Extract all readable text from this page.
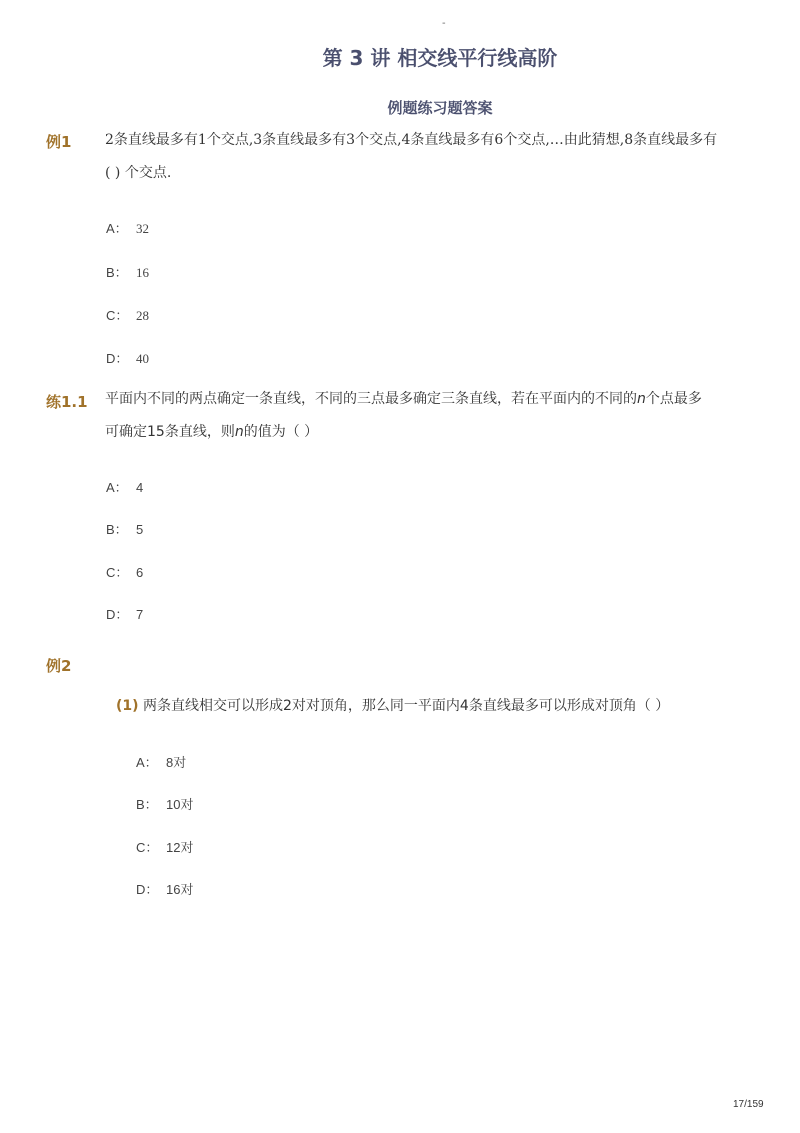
-
第 3 讲 相交线平行线高阶
例题练习题答案
例1 2条直线最多有1个交点,3条直线最多有3个交点,4条直线最多有6个交点,…由此猜想,8条直线最多有
( ) 个交点.
A： 32
B： 16
C： 28
D： 40
练1.1 平面内不同的两点确定一条直线，不同的三点最多确定三条直线，若在平面内的不同的n个点最多
可确定15条直线，则n的值为（ ）
A： 4
B： 5
C： 6
D： 7
例2
(1) 两条直线相交可以形成2对对顶角，那么同一平面内4条直线最多可以形成对顶角（ ）
A： 8对
B： 10对
C： 12对
D： 16对
17/159
